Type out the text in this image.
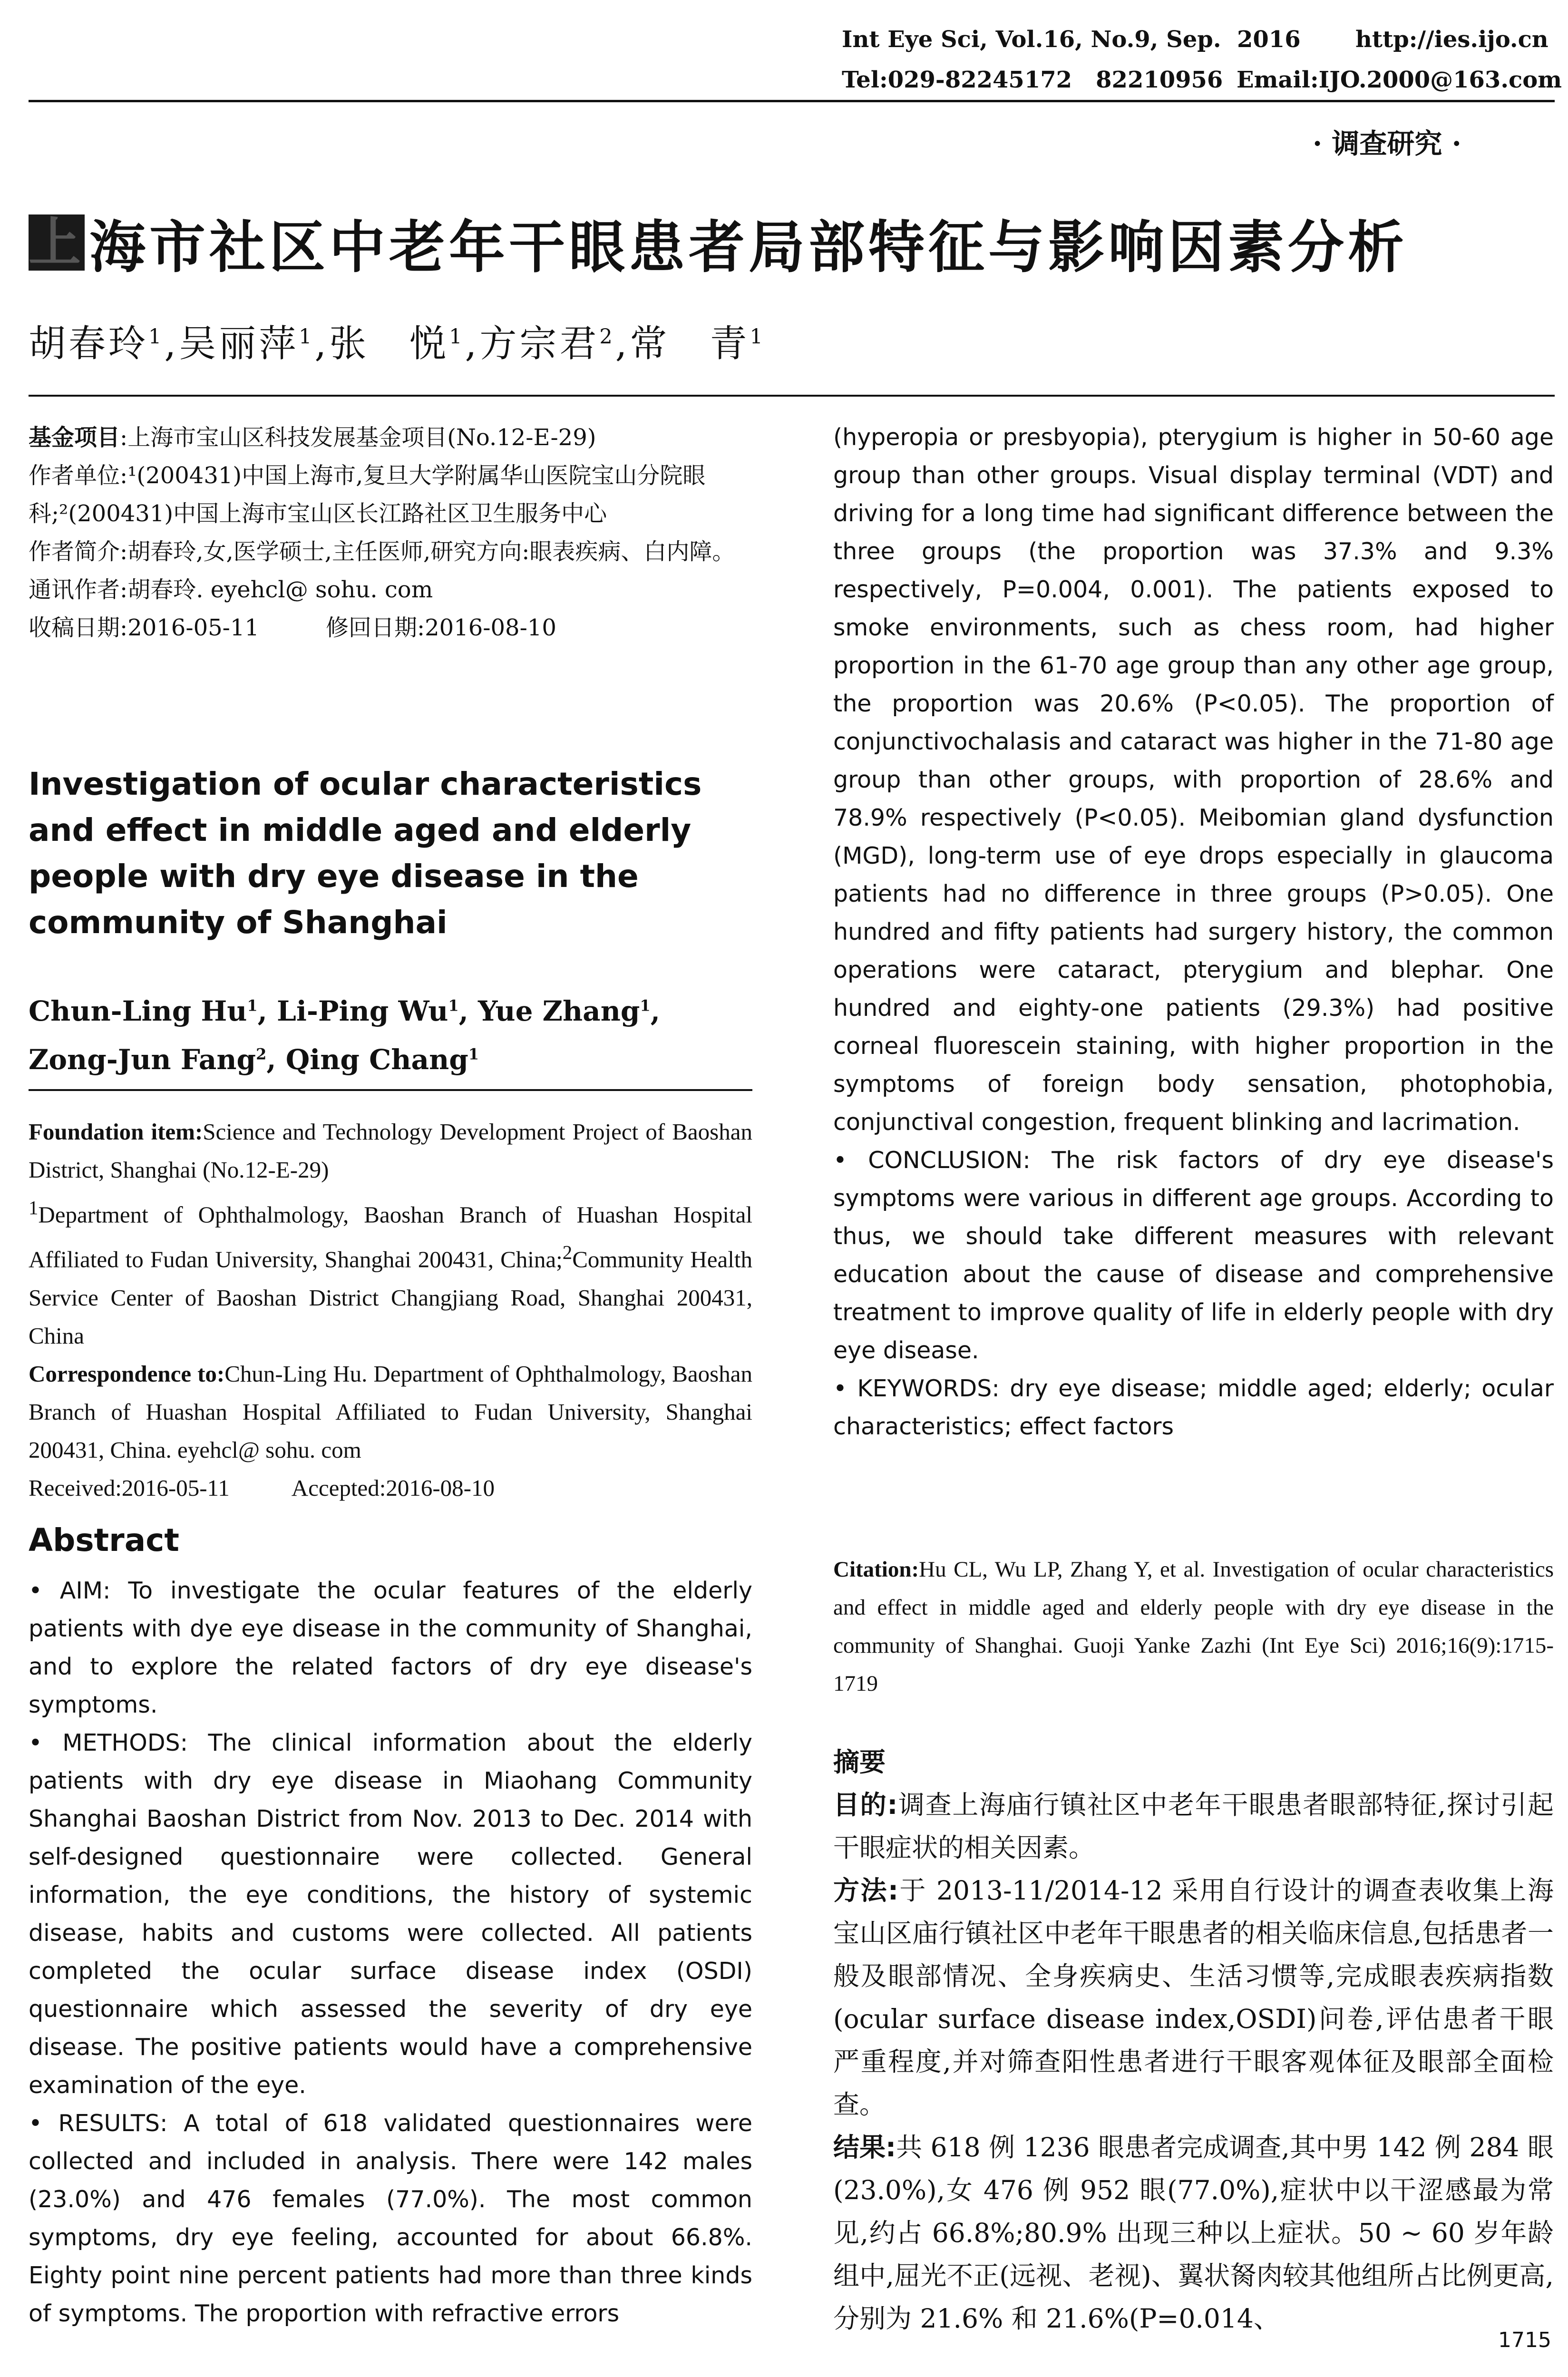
Int Eye Sci, Vol.16, No.9, Sep.  2016 http://ies.ijo.cn
Tel:029-82245172   82210956 Email:IJO.2000@163.com
· 调查研究 ·
上 海市社区中老年干眼患者局部特征与影响因素分析
胡春玲$^1$,吴丽萍$^1$,张　悦$^1$,方宗君$^2$,常　青$^1$

基金项目:上海市宝山区科技发展基金项目(No.12-E-29)

作者单位:¹(200431)中国上海市,复旦大学附属华山医院宝山分院眼科;²(200431)中国上海市宝山区长江路社区卫生服务中心

作者简介:胡春玲,女,医学硕士,主任医师,研究方向:眼表疾病、白内障。

通讯作者:胡春玲. eyehcl@ sohu. com

收稿日期:2016-05-11	修回日期:2016-08-10

Investigation of ocular characteristics and effect in middle aged and elderly people with dry eye disease in the community of Shanghai
Chun-Ling Hu$^1$, Li-Ping Wu$^1$, Yue Zhang$^1$, Zong-Jun Fang$^2$, Qing Chang$^1$

Foundation item:Science and Technology Development Project of Baoshan District, Shanghai (No.12-E-29)

$^1$Department of Ophthalmology, Baoshan Branch of Huashan Hospital Affiliated to Fudan University, Shanghai 200431, China;$^2$Community Health Service Center of Baoshan District Changjiang Road, Shanghai 200431, China

Correspondence to:Chun-Ling Hu. Department of Ophthalmology, Baoshan Branch of Huashan Hospital Affiliated to Fudan University, Shanghai 200431, China. eyehcl@ sohu. com

Received:2016-05-11	Accepted:2016-08-10

Abstract

• AIM: To investigate the ocular features of the elderly patients with dye eye disease in the community of Shanghai, and to explore the related factors of dry eye disease's symptoms.

• METHODS: The clinical information about the elderly patients with dry eye disease in Miaohang Community Shanghai Baoshan District from Nov. 2013 to Dec. 2014 with self-designed questionnaire were collected. General information, the eye conditions, the history of systemic disease, habits and customs were collected. All patients completed the ocular surface disease index (OSDI) questionnaire which assessed the severity of dry eye disease. The positive patients would have a comprehensive examination of the eye.

• RESULTS: A total of 618 validated questionnaires were collected and included in analysis. There were 142 males (23.0%) and 476 females (77.0%). The most common symptoms, dry eye feeling, accounted for about 66.8%. Eighty point nine percent patients had more than three kinds of symptoms. The proportion with refractive errors

(hyperopia or presbyopia), pterygium is higher in 50-60 age group than other groups. Visual display terminal (VDT) and driving for a long time had significant difference between the three groups (the proportion was 37.3% and 9.3% respectively, P=0.004, 0.001). The patients exposed to smoke environments, such as chess room, had higher proportion in the 61-70 age group than any other age group, the proportion was 20.6% (P<0.05). The proportion of conjunctivochalasis and cataract was higher in the 71-80 age group than other groups, with proportion of 28.6% and 78.9% respectively (P<0.05). Meibomian gland dysfunction (MGD), long-term use of eye drops especially in glaucoma patients had no difference in three groups (P>0.05). One hundred and fifty patients had surgery history, the common operations were cataract, pterygium and blephar. One hundred and eighty-one patients (29.3%) had positive corneal fluorescein staining, with higher proportion in the symptoms of foreign body sensation, photophobia, conjunctival congestion, frequent blinking and lacrimation.

• CONCLUSION: The risk factors of dry eye disease's symptoms were various in different age groups. According to thus, we should take different measures with relevant education about the cause of disease and comprehensive treatment to improve quality of life in elderly people with dry eye disease.

• KEYWORDS: dry eye disease; middle aged; elderly; ocular characteristics; effect factors

Citation:Hu CL, Wu LP, Zhang Y, et al. Investigation of ocular characteristics and effect in middle aged and elderly people with dry eye disease in the community of Shanghai. Guoji Yanke Zazhi (Int Eye Sci) 2016;16(9):1715-1719

摘要

目的:调查上海庙行镇社区中老年干眼患者眼部特征,探讨引起干眼症状的相关因素。

方法:于 2013-11/2014-12 采用自行设计的调查表收集上海宝山区庙行镇社区中老年干眼患者的相关临床信息,包括患者一般及眼部情况、全身疾病史、生活习惯等,完成眼表疾病指数(ocular surface disease index,OSDI)问卷,评估患者干眼严重程度,并对筛查阳性患者进行干眼客观体征及眼部全面检查。

结果:共 618 例 1236 眼患者完成调查,其中男 142 例 284 眼(23.0%),女 476 例 952 眼(77.0%),症状中以干涩感最为常见,约占 66.8%;80.9% 出现三种以上症状。50 ~ 60 岁年龄组中,屈光不正(远视、老视)、翼状胬肉较其他组所占比例更高,分别为 21.6% 和 21.6%(P=0.014、

1715
